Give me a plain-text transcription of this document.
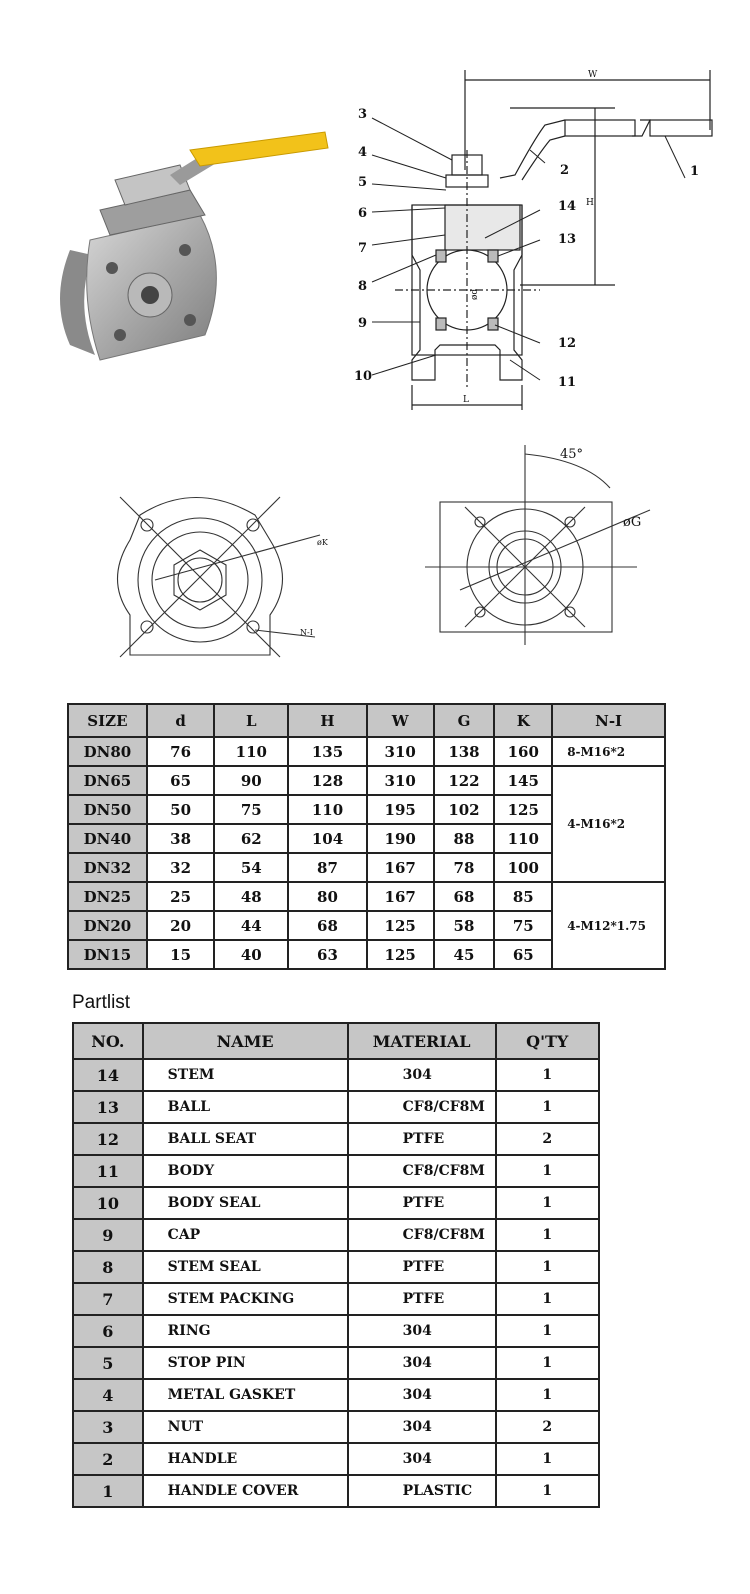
3
4
5
6
7
8
9
10
2	1
14
13
12
11
W
H
L
ød
øK
N-I
45°
øG
SIZE	d	L	H	W	G	K	N-I
DN80	76	110	135	310	138	160	8-M16*2
DN65	65	90	128	310	122	145	4-M16*2
DN50	50	75	110	195	102	125	
DN40	38	62	104	190	88	110	
DN32	32	54	87	167	78	100	
DN25	25	48	80	167	68	85	4-M12*1.75
DN20	20	44	68	125	58	75	
DN15	15	40	63	125	45	65	
Partlist
NO.	NAME	MATERIAL	Q'TY
14	STEM	304	1
13	BALL	CF8/CF8M	1
12	BALL SEAT	PTFE	2
11	BODY	CF8/CF8M	1
10	BODY SEAL	PTFE	1
9	CAP	CF8/CF8M	1
8	STEM SEAL	PTFE	1
7	STEM PACKING	PTFE	1
6	RING	304	1
5	STOP PIN	304	1
4	METAL GASKET	304	1
3	NUT	304	2
2	HANDLE	304	1
1	HANDLE COVER	PLASTIC	1
